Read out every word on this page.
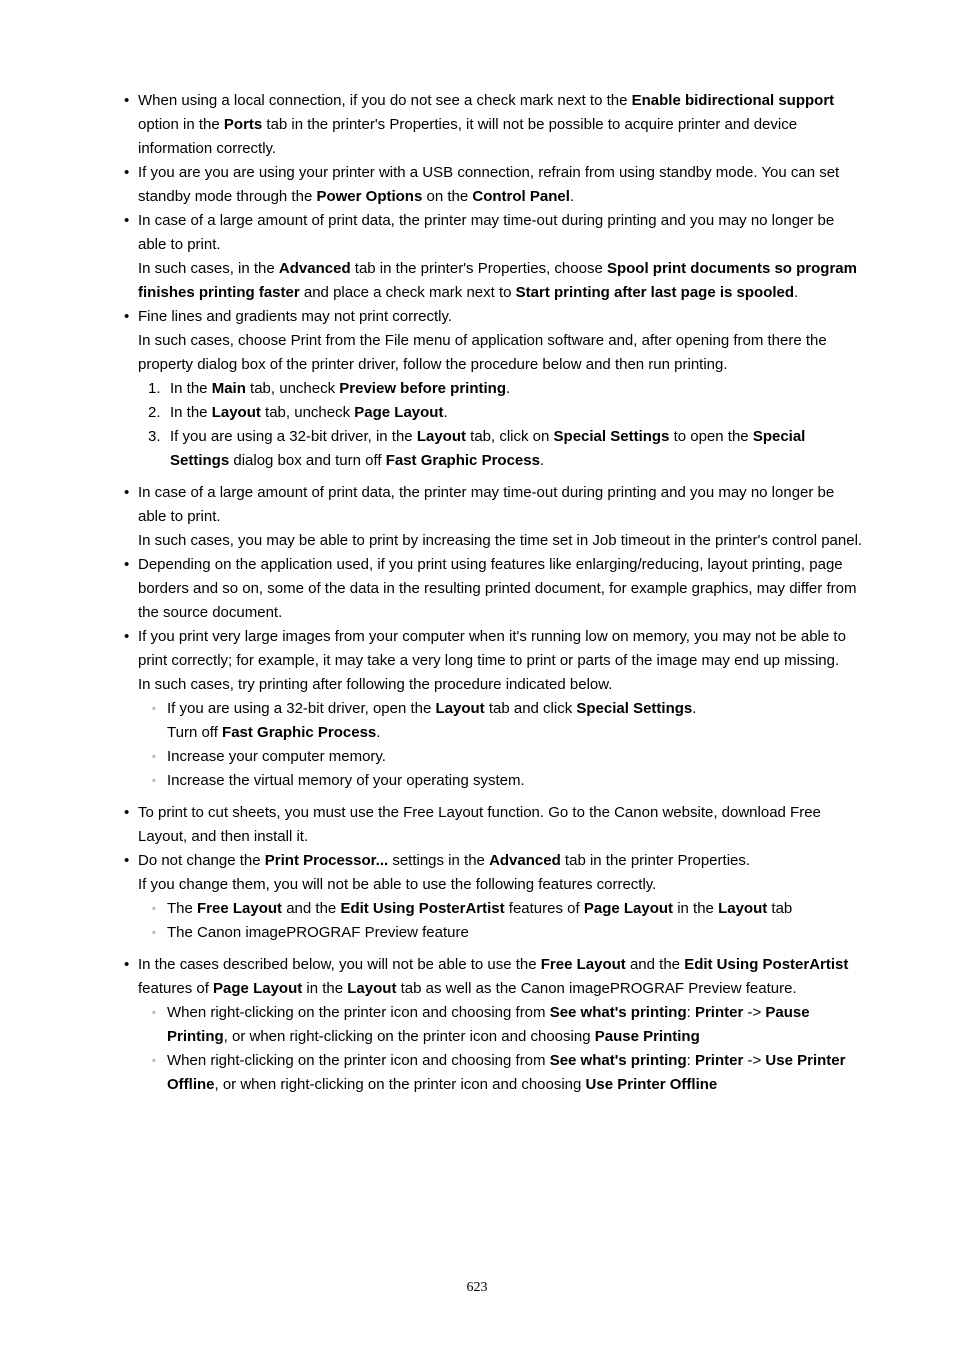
• When using a local connection, if you do not see a check mark next to the Enable bidirectional support option in the Ports tab in the printer's Properties, it will not be possible to acquire printer and device information correctly.
• If you are you are using your printer with a USB connection, refrain from using standby mode. You can set standby mode through the Power Options on the Control Panel.

• In case of a large amount of print data, the printer may time-out during printing and you may no longer be able to print.

In such cases, in the Advanced tab in the printer's Properties, choose Spool print documents so program finishes printing faster and place a check mark next to Start printing after last page is spooled.

• Fine lines and gradients may not print correctly.

In such cases, choose Print from the File menu of application software and, after opening from there the property dialog box of the printer driver, follow the procedure below and then run printing.

1. In the Main tab, uncheck Preview before printing.
2. In the Layout tab, uncheck Page Layout.
3. If you are using a 32-bit driver, in the Layout tab, click on Special Settings to open the Special Settings dialog box and turn off Fast Graphic Process.

• In case of a large amount of print data, the printer may time-out during printing and you may no longer be able to print.

In such cases, you may be able to print by increasing the time set in Job timeout in the printer's control panel.

• Depending on the application used, if you print using features like enlarging/reducing, layout printing, page borders and so on, some of the data in the resulting printed document, for example graphics, may differ from the source document.

• If you print very large images from your computer when it's running low on memory, you may not be able to print correctly; for example, it may take a very long time to print or parts of the image may end up missing.

In such cases, try printing after following the procedure indicated below.

◦ If you are using a 32-bit driver, open the Layout tab and click Special Settings.
Turn off Fast Graphic Process.
◦ Increase your computer memory.
◦ Increase the virtual memory of your operating system.

• To print to cut sheets, you must use the Free Layout function. Go to the Canon website, download Free Layout, and then install it.

• Do not change the Print Processor... settings in the Advanced tab in the printer Properties.

If you change them, you will not be able to use the following features correctly.

◦ The Free Layout and the Edit Using PosterArtist features of Page Layout in the Layout tab
◦ The Canon imagePROGRAF Preview feature

• In the cases described below, you will not be able to use the Free Layout and the Edit Using PosterArtist features of Page Layout in the Layout tab as well as the Canon imagePROGRAF Preview feature.

◦ When right-clicking on the printer icon and choosing from See what's printing: Printer -> Pause Printing, or when right-clicking on the printer icon and choosing Pause Printing
◦ When right-clicking on the printer icon and choosing from See what's printing: Printer -> Use Printer Offline, or when right-clicking on the printer icon and choosing Use Printer Offline
623
